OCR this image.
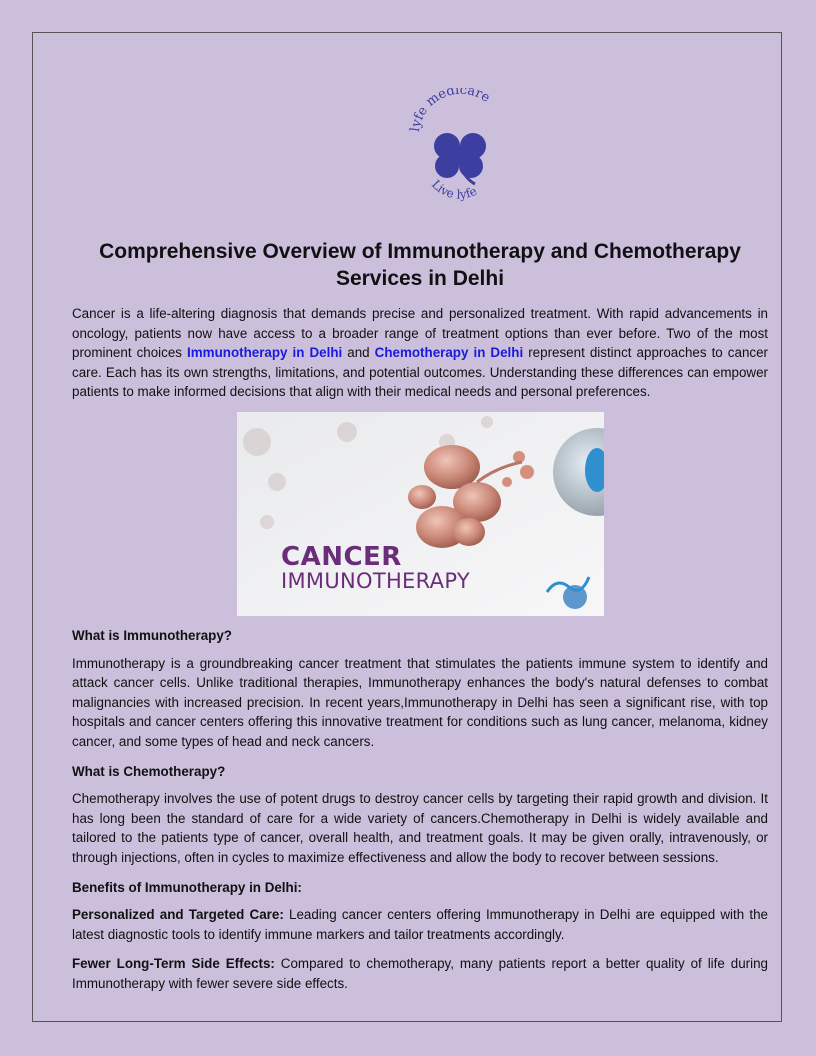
lyfe medicare
Live lyfe
Comprehensive Overview of Immunotherapy and Chemotherapy Services in Delhi

Cancer is a life-altering diagnosis that demands precise and personalized treatment. With rapid advancements in oncology, patients now have access to a broader range of treatment options than ever before. Two of the most prominent choices Immunotherapy in Delhi and Chemotherapy in Delhi represent distinct approaches to cancer care. Each has its own strengths, limitations, and potential outcomes. Understanding these differences can empower patients to make informed decisions that align with their medical needs and personal preferences.

CANCER
IMMUNOTHERAPY

What is Immunotherapy?

Immunotherapy is a groundbreaking cancer treatment that stimulates the patients immune system to identify and attack cancer cells. Unlike traditional therapies, Immunotherapy enhances the body's natural defenses to combat malignancies with increased precision. In recent years,Immunotherapy in Delhi has seen a significant rise, with top hospitals and cancer centers offering this innovative treatment for conditions such as lung cancer, melanoma, kidney cancer, and some types of head and neck cancers.

What is Chemotherapy?

Chemotherapy involves the use of potent drugs to destroy cancer cells by targeting their rapid growth and division. It has long been the standard of care for a wide variety of cancers.Chemotherapy in Delhi is widely available and tailored to the patients type of cancer, overall health, and treatment goals. It may be given orally, intravenously, or through injections, often in cycles to maximize effectiveness and allow the body to recover between sessions.

Benefits of Immunotherapy in Delhi:

Personalized and Targeted Care: Leading cancer centers offering Immunotherapy in Delhi are equipped with the latest diagnostic tools to identify immune markers and tailor treatments accordingly.

Fewer Long-Term Side Effects: Compared to chemotherapy, many patients report a better quality of life during Immunotherapy with fewer severe side effects.
